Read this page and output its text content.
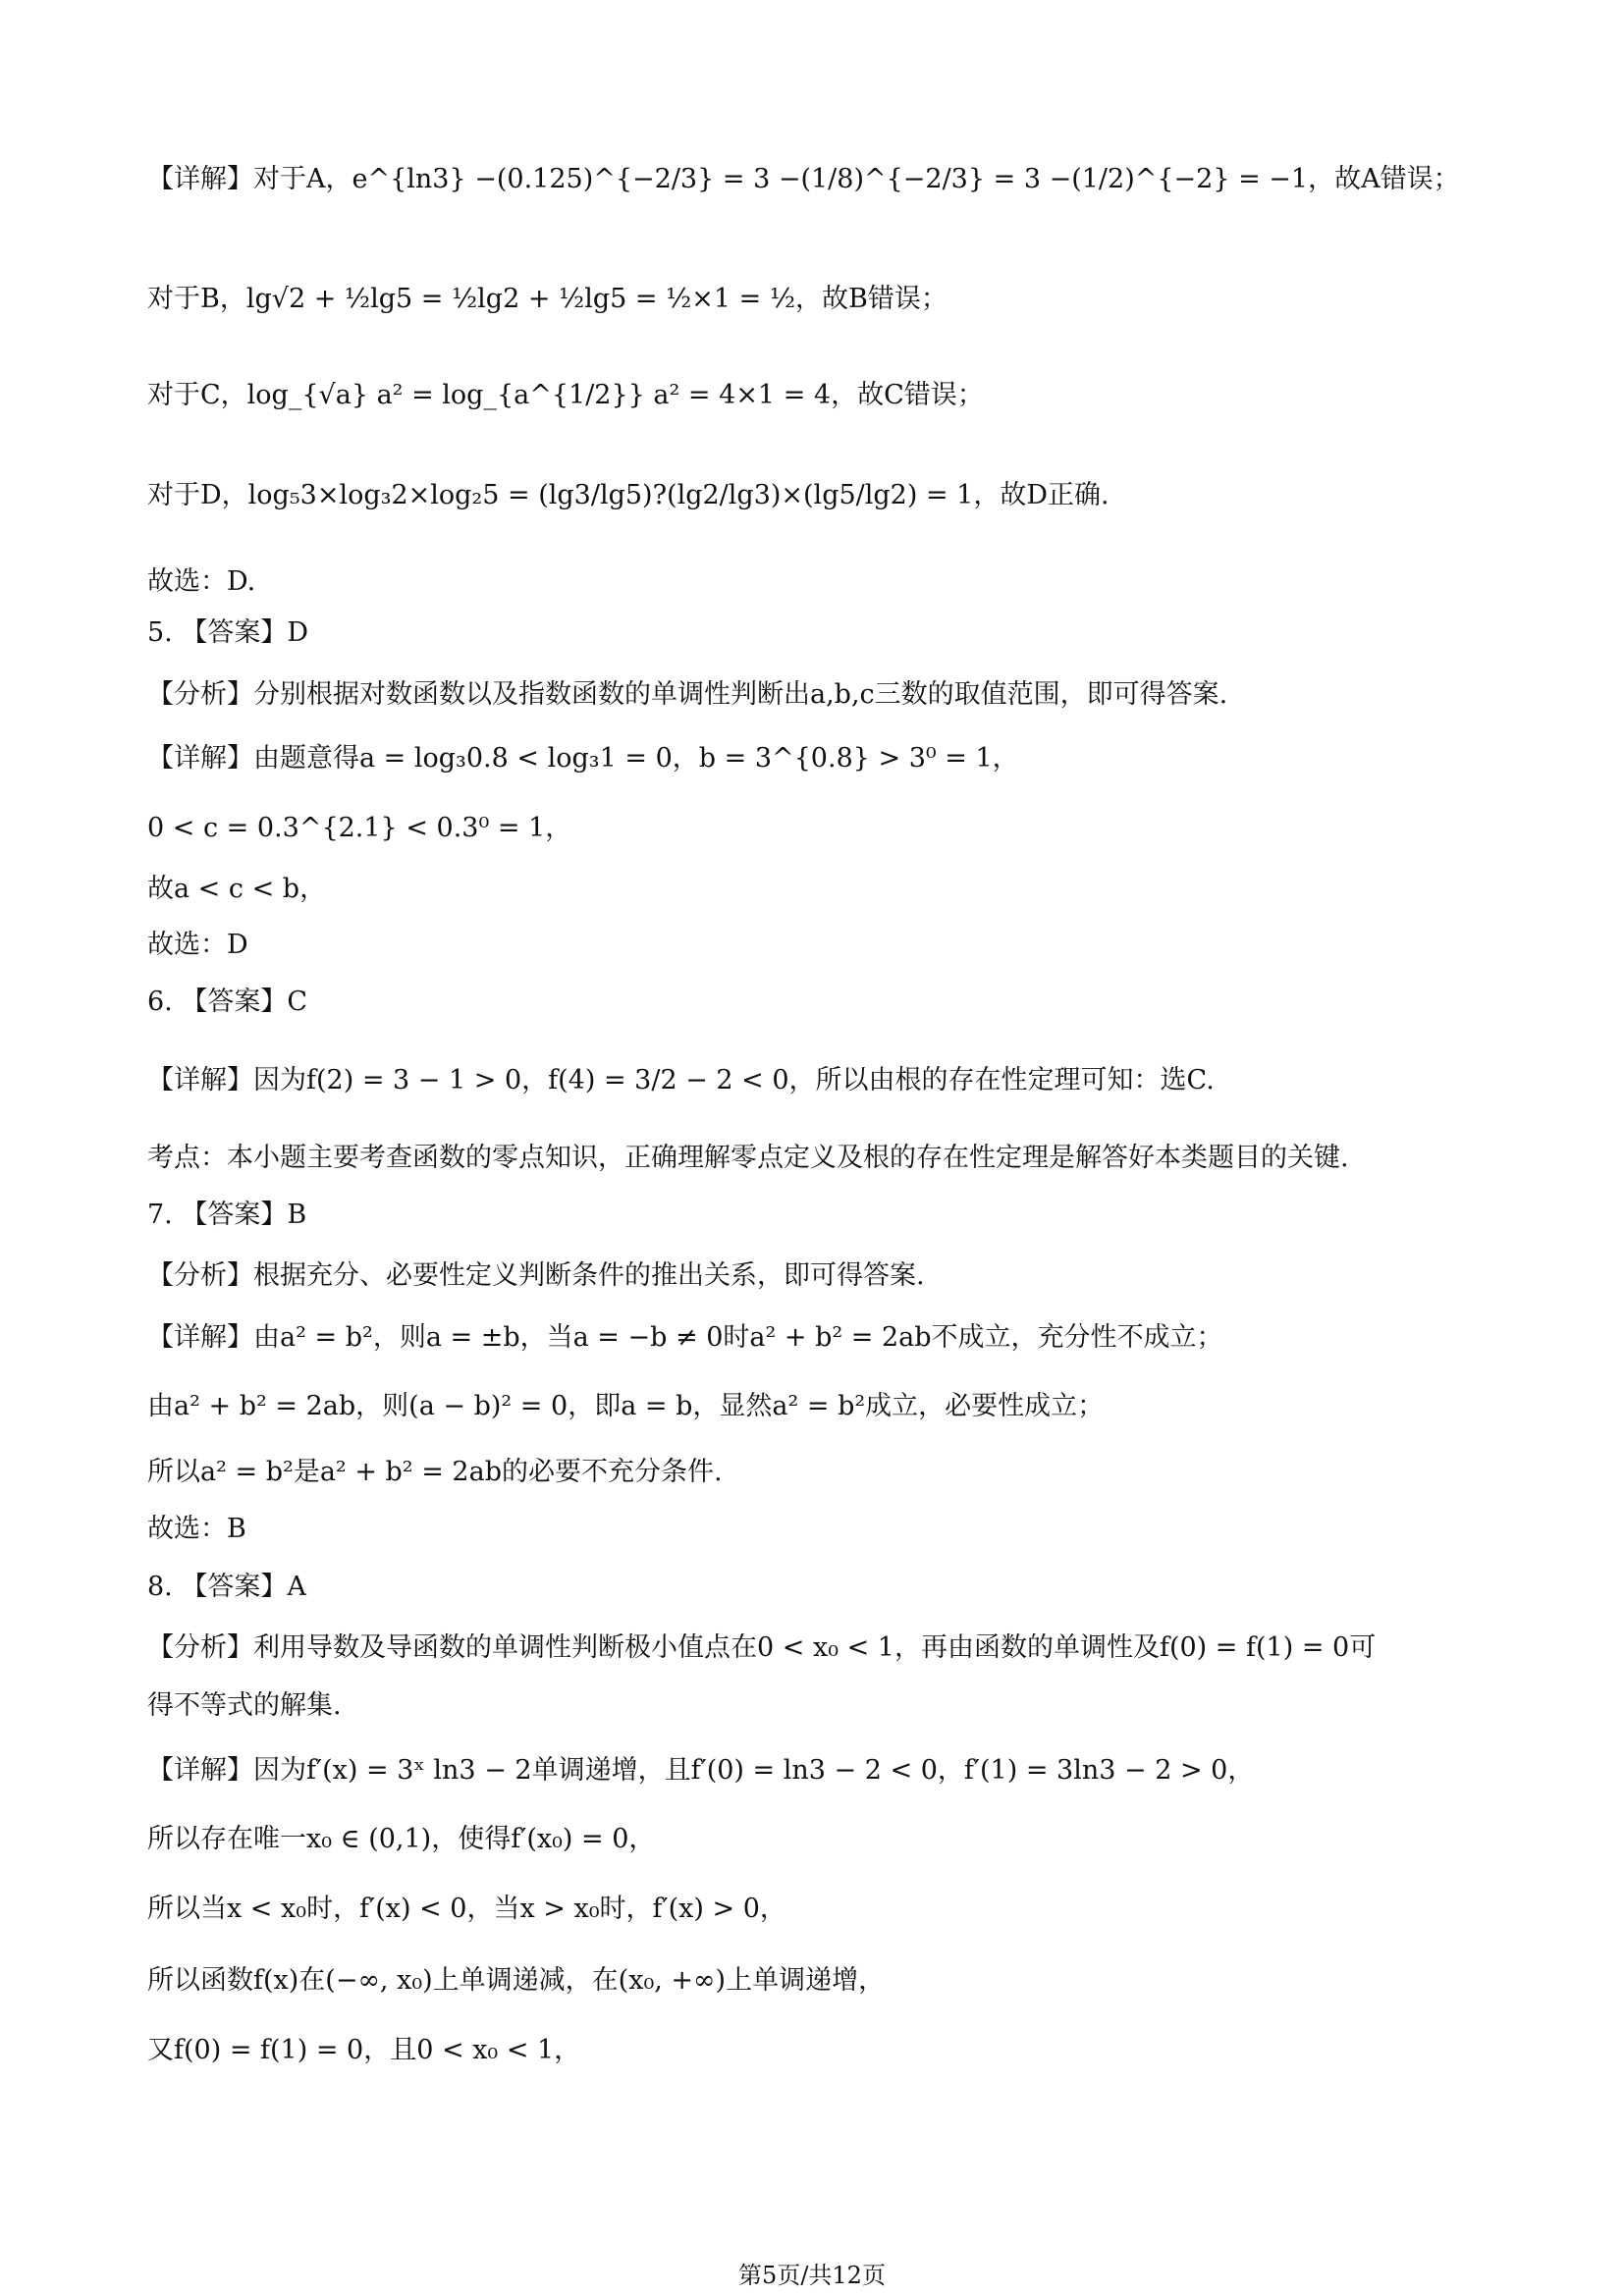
【详解】对于A，e^{ln3} −(0.125)^{−2/3} = 3 −(1/8)^{−2/3} = 3 −(1/2)^{−2} = −1，故A错误；
对于B，lg√2 + ½lg5 = ½lg2 + ½lg5 = ½×1 = ½，故B错误；
对于C，log_{√a} a² = log_{a^{1/2}} a² = 4×1 = 4，故C错误；
对于D，log₅3×log₃2×log₂5 = (lg3/lg5)?(lg2/lg3)×(lg5/lg2) = 1，故D正确.
故选：D.
5. 【答案】D
【分析】分别根据对数函数以及指数函数的单调性判断出a,b,c三数的取值范围，即可得答案.
【详解】由题意得a = log₃0.8 < log₃1 = 0，b = 3^{0.8} > 3⁰ = 1，
0 < c = 0.3^{2.1} < 0.3⁰ = 1，
故a < c < b，
故选：D
6. 【答案】C
【详解】因为f(2) = 3 − 1 > 0，f(4) = 3/2 − 2 < 0，所以由根的存在性定理可知：选C.
考点：本小题主要考查函数的零点知识，正确理解零点定义及根的存在性定理是解答好本类题目的关键.
7. 【答案】B
【分析】根据充分、必要性定义判断条件的推出关系，即可得答案.
【详解】由a² = b²，则a = ±b，当a = −b ≠ 0时a² + b² = 2ab不成立，充分性不成立；
由a² + b² = 2ab，则(a − b)² = 0，即a = b，显然a² = b²成立，必要性成立；
所以a² = b²是a² + b² = 2ab的必要不充分条件.
故选：B
8. 【答案】A
【分析】利用导数及导函数的单调性判断极小值点在0 < x₀ < 1，再由函数的单调性及f(0) = f(1) = 0可
得不等式的解集.
【详解】因为f′(x) = 3ˣ ln3 − 2单调递增，且f′(0) = ln3 − 2 < 0，f′(1) = 3ln3 − 2 > 0，
所以存在唯一x₀ ∈ (0,1)，使得f′(x₀) = 0，
所以当x < x₀时，f′(x) < 0，当x > x₀时，f′(x) > 0，
所以函数f(x)在(−∞, x₀)上单调递减，在(x₀, +∞)上单调递增，
又f(0) = f(1) = 0，且0 < x₀ < 1，
第5页/共12页
